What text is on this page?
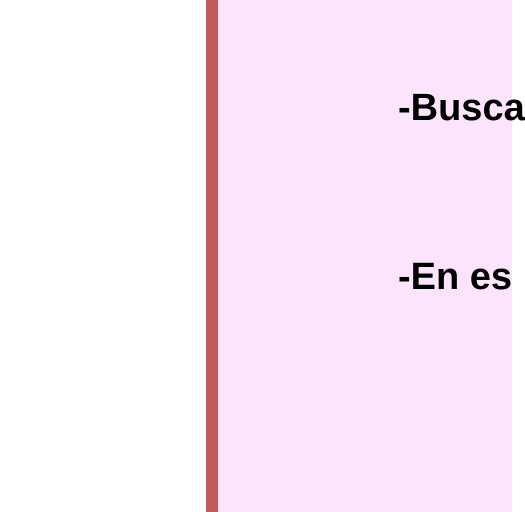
-Busca
-En es
